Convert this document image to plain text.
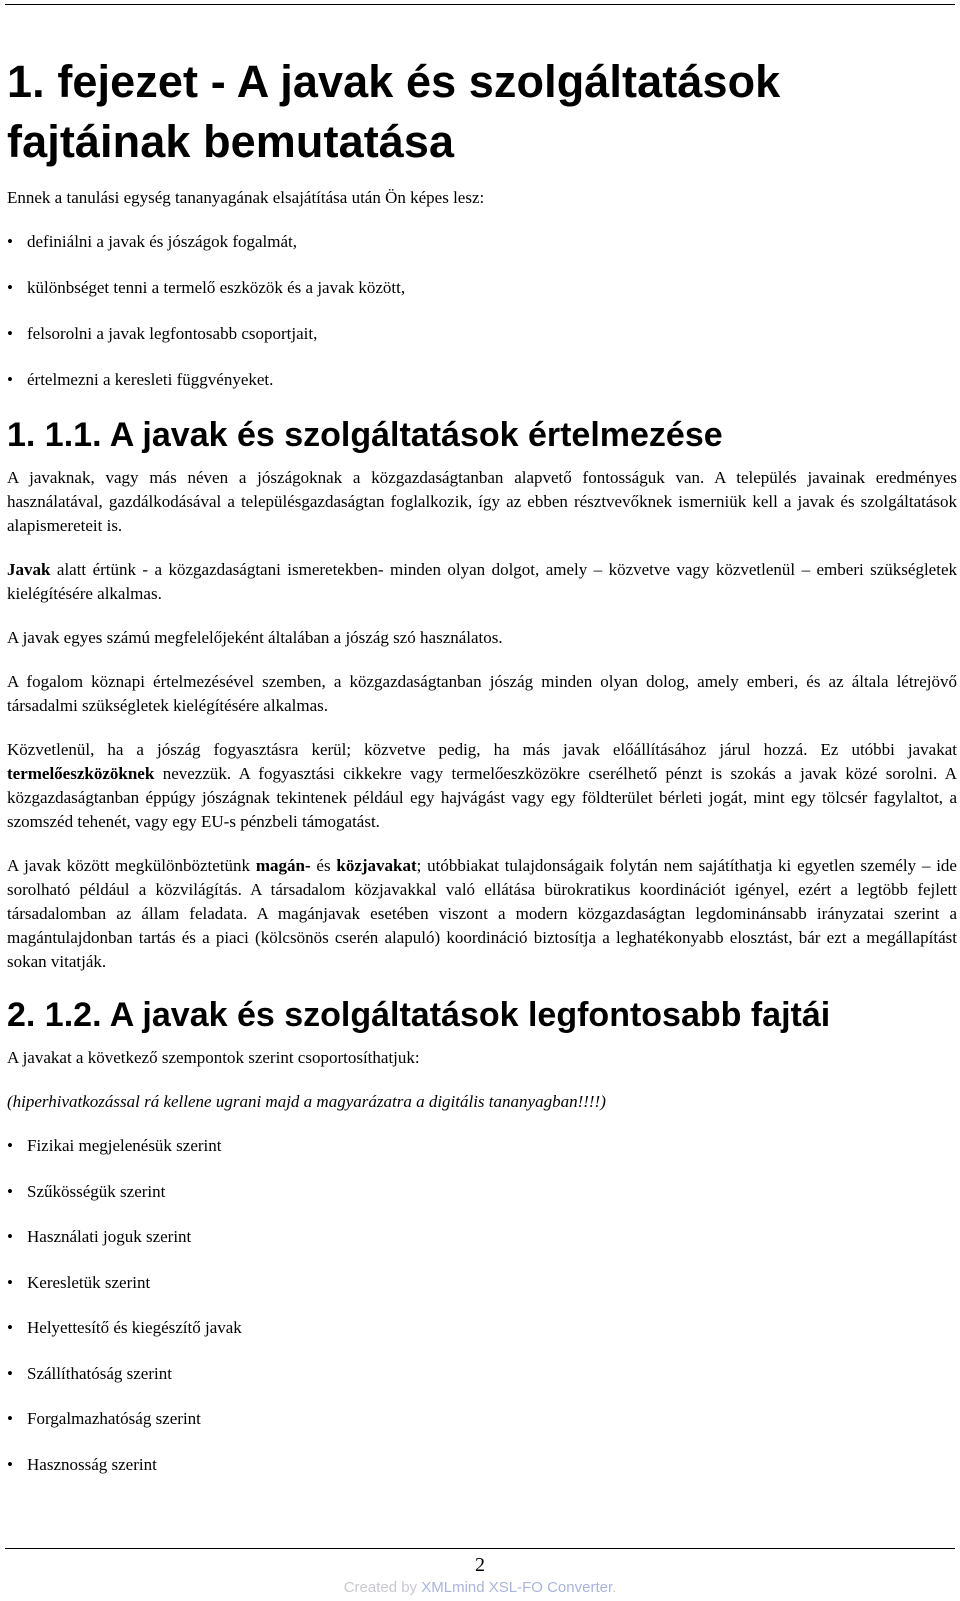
1. fejezet - A javak és szolgáltatások fajtáinak bemutatása

Ennek a tanulási egység tananyagának elsajátítása után Ön képes lesz:

• definiálni a javak és jószágok fogalmát,
• különbséget tenni a termelő eszközök és a javak között,
• felsorolni a javak legfontosabb csoportjait,
• értelmezni a keresleti függvényeket.
1. 1.1. A javak és szolgáltatások értelmezése

A javaknak, vagy más néven a jószágoknak a közgazdaságtanban alapvető fontosságuk van. A település javainak eredményes használatával, gazdálkodásával a településgazdaságtan foglalkozik, így az ebben résztvevőknek ismerniük kell a javak és szolgáltatások alapismereteit is.

Javak alatt értünk - a közgazdaságtani ismeretekben- minden olyan dolgot, amely – közvetve vagy közvetlenül – emberi szükségletek kielégítésére alkalmas.

A javak egyes számú megfelelőjeként általában a jószág szó használatos.

A fogalom köznapi értelmezésével szemben, a közgazdaságtanban jószág minden olyan dolog, amely emberi, és az általa létrejövő társadalmi szükségletek kielégítésére alkalmas.

Közvetlenül, ha a jószág fogyasztásra kerül; közvetve pedig, ha más javak előállításához járul hozzá. Ez utóbbi javakat termelőeszközöknek nevezzük. A fogyasztási cikkekre vagy termelőeszközökre cserélhető pénzt is szokás a javak közé sorolni. A közgazdaságtanban éppúgy jószágnak tekintenek például egy hajvágást vagy egy földterület bérleti jogát, mint egy tölcsér fagylaltot, a szomszéd tehenét, vagy egy EU-s pénzbeli támogatást.

A javak között megkülönböztetünk magán- és közjavakat; utóbbiakat tulajdonságaik folytán nem sajátíthatja ki egyetlen személy – ide sorolható például a közvilágítás. A társadalom közjavakkal való ellátása bürokratikus koordinációt igényel, ezért a legtöbb fejlett társadalomban az állam feladata. A magánjavak esetében viszont a modern közgazdaságtan legdominánsabb irányzatai szerint a magántulajdonban tartás és a piaci (kölcsönös cserén alapuló) koordináció biztosítja a leghatékonyabb elosztást, bár ezt a megállapítást sokan vitatják.

2. 1.2. A javak és szolgáltatások legfontosabb fajtái

A javakat a következő szempontok szerint csoportosíthatjuk:

(hiperhivatkozással rá kellene ugrani majd a magyarázatra a digitális tananyagban!!!!)

• Fizikai megjelenésük szerint
• Szűkösségük szerint
• Használati joguk szerint
• Keresletük szerint
• Helyettesítő és kiegészítő javak
• Szállíthatóság szerint
• Forgalmazhatóság szerint
• Hasznosság szerint
2
Created by XMLmind XSL-FO Converter.
